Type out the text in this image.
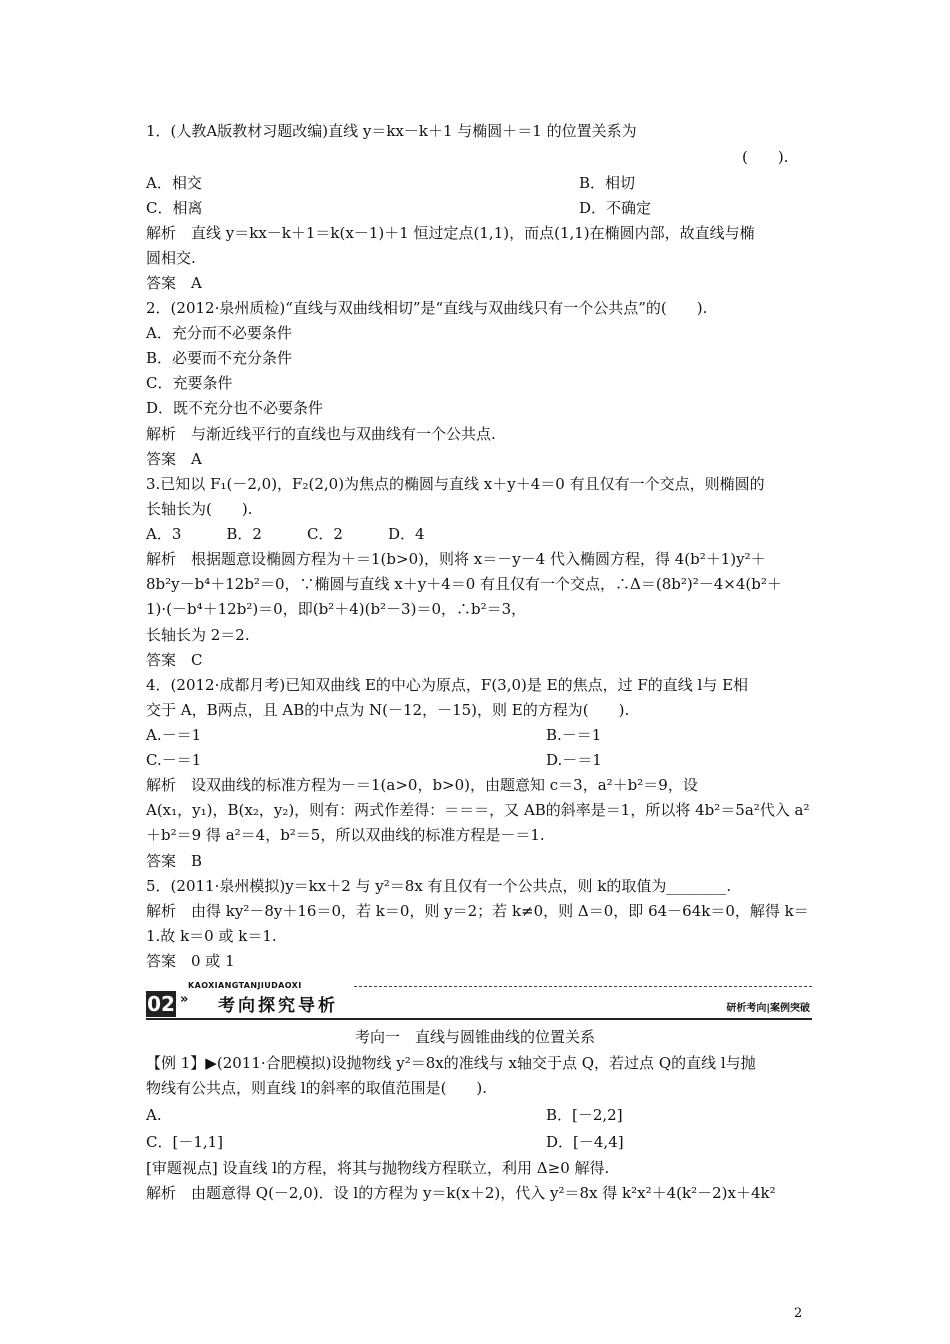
1．(人教A版教材习题改编)直线 y＝kx－k＋1 与椭圆＋＝1 的位置关系为
(　　).
A．相交	B．相切
C．相离	D．不确定
解析　直线 y＝kx－k＋1＝k(x－1)＋1 恒过定点(1,1)，而点(1,1)在椭圆内部，故直线与椭
圆相交.
答案　A
2．(2012·泉州质检)“直线与双曲线相切”是“直线与双曲线只有一个公共点”的(　　).
A．充分而不必要条件
B．必要而不充分条件
C．充要条件
D．既不充分也不必要条件
解析　与渐近线平行的直线也与双曲线有一个公共点.
答案　A
3.已知以 F₁(－2,0)，F₂(2,0)为焦点的椭圆与直线 x＋y＋4＝0 有且仅有一个交点，则椭圆的
长轴长为(　　).
A．3　　　B．2　　　C．2　　　D．4
解析　根据题意设椭圆方程为＋＝1(b>0)，则将 x＝－y－4 代入椭圆方程，得 4(b²＋1)y²＋
8b²y－b⁴＋12b²＝0，∵椭圆与直线 x＋y＋4＝0 有且仅有一个交点，∴Δ＝(8b²)²－4×4(b²＋
1)·(－b⁴＋12b²)＝0，即(b²＋4)(b²－3)＝0，∴b²＝3，
长轴长为 2＝2.
答案　C
4．(2012·成都月考)已知双曲线 E的中心为原点，F(3,0)是 E的焦点，过 F的直线 l与 E相
交于 A，B两点，且 AB的中点为 N(－12，－15)，则 E的方程为(　　).
A.－＝1	B.－＝1
C.－＝1	D.－＝1
解析　设双曲线的标准方程为－＝1(a>0，b>0)，由题意知 c＝3，a²＋b²＝9，设
A(x₁，y₁)，B(x₂，y₂)，则有：两式作差得：＝＝＝，又 AB的斜率是＝1，所以将 4b²＝5a²代入 a²
＋b²＝9 得 a²＝4，b²＝5，所以双曲线的标准方程是－＝1.
答案　B
5．(2011·泉州模拟)y＝kx＋2 与 y²＝8x 有且仅有一个公共点，则 k的取值为________.
解析　由得 ky²－8y＋16＝0，若 k＝0，则 y＝2；若 k≠0，则 Δ＝0，即 64－64k＝0，解得 k＝
1.故 k＝0 或 k＝1.
答案　0 或 1
KAOXIANGTANJIUDAOXI
02 » 考向探究导析	研析考向|案例突破
考向一　直线与圆锥曲线的位置关系
【例 1】▶(2011·合肥模拟)设抛物线 y²＝8x的准线与 x轴交于点 Q，若过点 Q的直线 l与抛
物线有公共点，则直线 l的斜率的取值范围是(　　).
A.	B．[－2,2]
C．[－1,1]	D．[－4,4]
[审题视点] 设直线 l的方程，将其与抛物线方程联立，利用 Δ≥0 解得.
解析　由题意得 Q(－2,0)．设 l的方程为 y＝k(x＋2)，代入 y²＝8x 得 k²x²＋4(k²－2)x＋4k²
2
